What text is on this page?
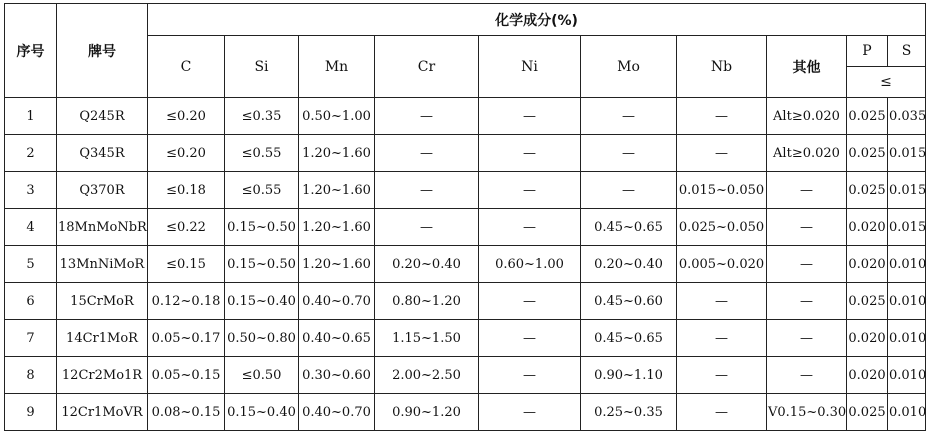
序号	牌号	化学成分(%)									
		C	Si	Mn	Cr	Ni	Mo	Nb	其他	P	S
										≤	
1	Q245R	≤0.20	≤0.35	0.50~1.00	—	—	—	—	Alt≥0.020	0.025	0.035
2	Q345R	≤0.20	≤0.55	1.20~1.60	—	—	—	—	Alt≥0.020	0.025	0.015
3	Q370R	≤0.18	≤0.55	1.20~1.60	—	—	—	0.015~0.050	—	0.025	0.015
4	18MnMoNbR	≤0.22	0.15~0.50	1.20~1.60	—	—	0.45~0.65	0.025~0.050	—	0.020	0.015
5	13MnNiMoR	≤0.15	0.15~0.50	1.20~1.60	0.20~0.40	0.60~1.00	0.20~0.40	0.005~0.020	—	0.020	0.010
6	15CrMoR	0.12~0.18	0.15~0.40	0.40~0.70	0.80~1.20	—	0.45~0.60	—	—	0.025	0.010
7	14Cr1MoR	0.05~0.17	0.50~0.80	0.40~0.65	1.15~1.50	—	0.45~0.65	—	—	0.020	0.010
8	12Cr2Mo1R	0.05~0.15	≤0.50	0.30~0.60	2.00~2.50	—	0.90~1.10	—	—	0.020	0.010
9	12Cr1MoVR	0.08~0.15	0.15~0.40	0.40~0.70	0.90~1.20	—	0.25~0.35	—	V0.15~0.30	0.025	0.010
